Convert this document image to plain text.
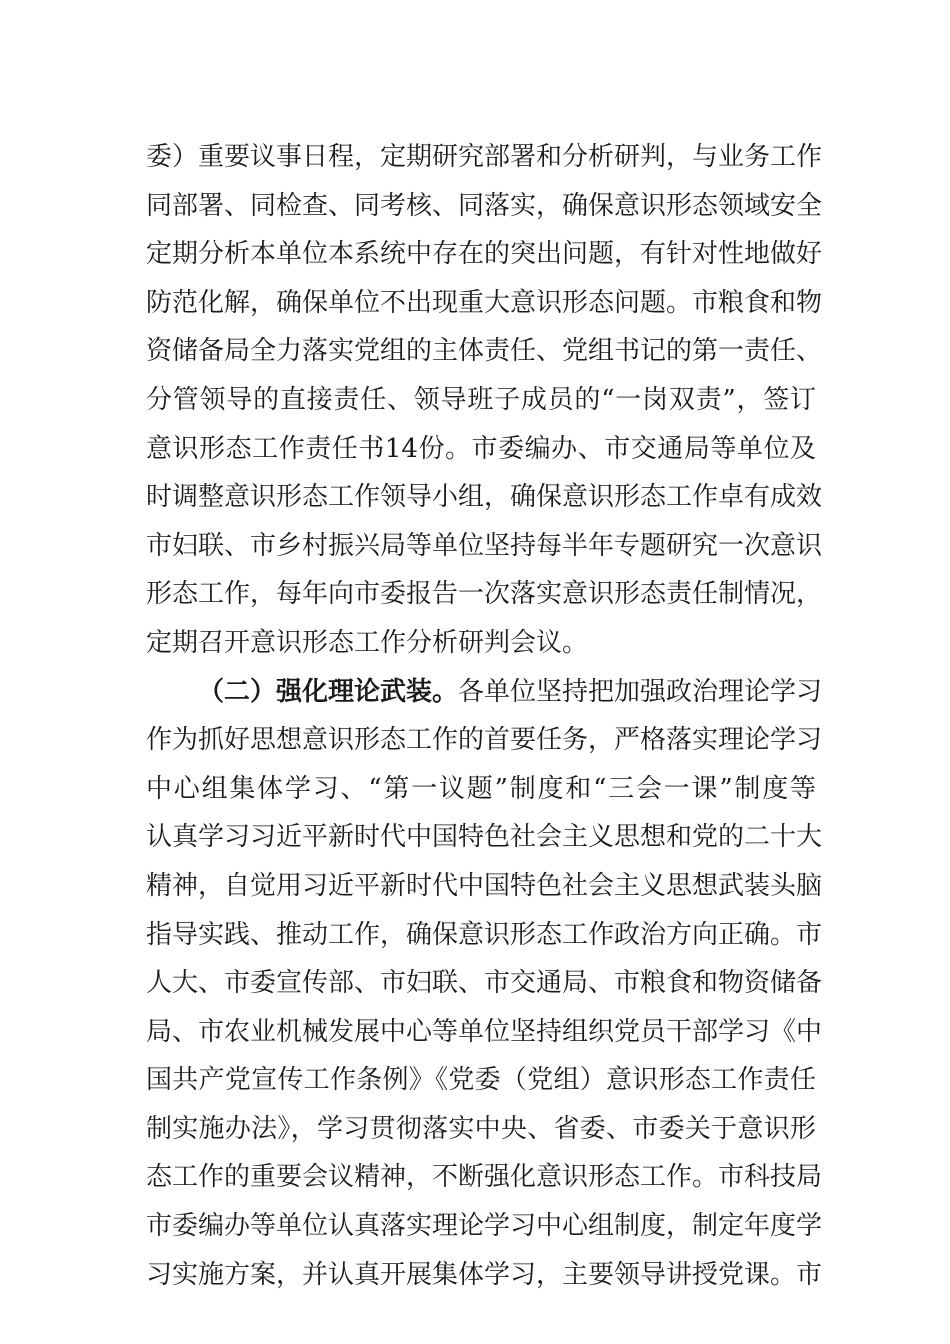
委）重要议事日程，定期研究部署和分析研判，与业务工作
同部署、同检查、同考核、同落实，确保意识形态领域安全
定期分析本单位本系统中存在的突出问题，有针对性地做好
防范化解，确保单位不出现重大意识形态问题。市粮食和物
资储备局全力落实党组的主体责任、党组书记的第一责任、
分管领导的直接责任、领导班子成员的“一岗双责”，签订
意识形态工作责任书14份。市委编办、市交通局等单位及
时调整意识形态工作领导小组，确保意识形态工作卓有成效
市妇联、市乡村振兴局等单位坚持每半年专题研究一次意识
形态工作，每年向市委报告一次落实意识形态责任制情况，
定期召开意识形态工作分析研判会议。
（二）强化理论武装。各单位坚持把加强政治理论学习
作为抓好思想意识形态工作的首要任务，严格落实理论学习
中心组集体学习、“第一议题”制度和“三会一课”制度等
认真学习习近平新时代中国特色社会主义思想和党的二十大
精神，自觉用习近平新时代中国特色社会主义思想武装头脑
指导实践、推动工作，确保意识形态工作政治方向正确。市
人大、市委宣传部、市妇联、市交通局、市粮食和物资储备
局、市农业机械发展中心等单位坚持组织党员干部学习《中
国共产党宣传工作条例》《党委（党组）意识形态工作责任
制实施办法》，学习贯彻落实中央、省委、市委关于意识形
态工作的重要会议精神，不断强化意识形态工作。市科技局
市委编办等单位认真落实理论学习中心组制度，制定年度学
习实施方案，并认真开展集体学习，主要领导讲授党课。市
